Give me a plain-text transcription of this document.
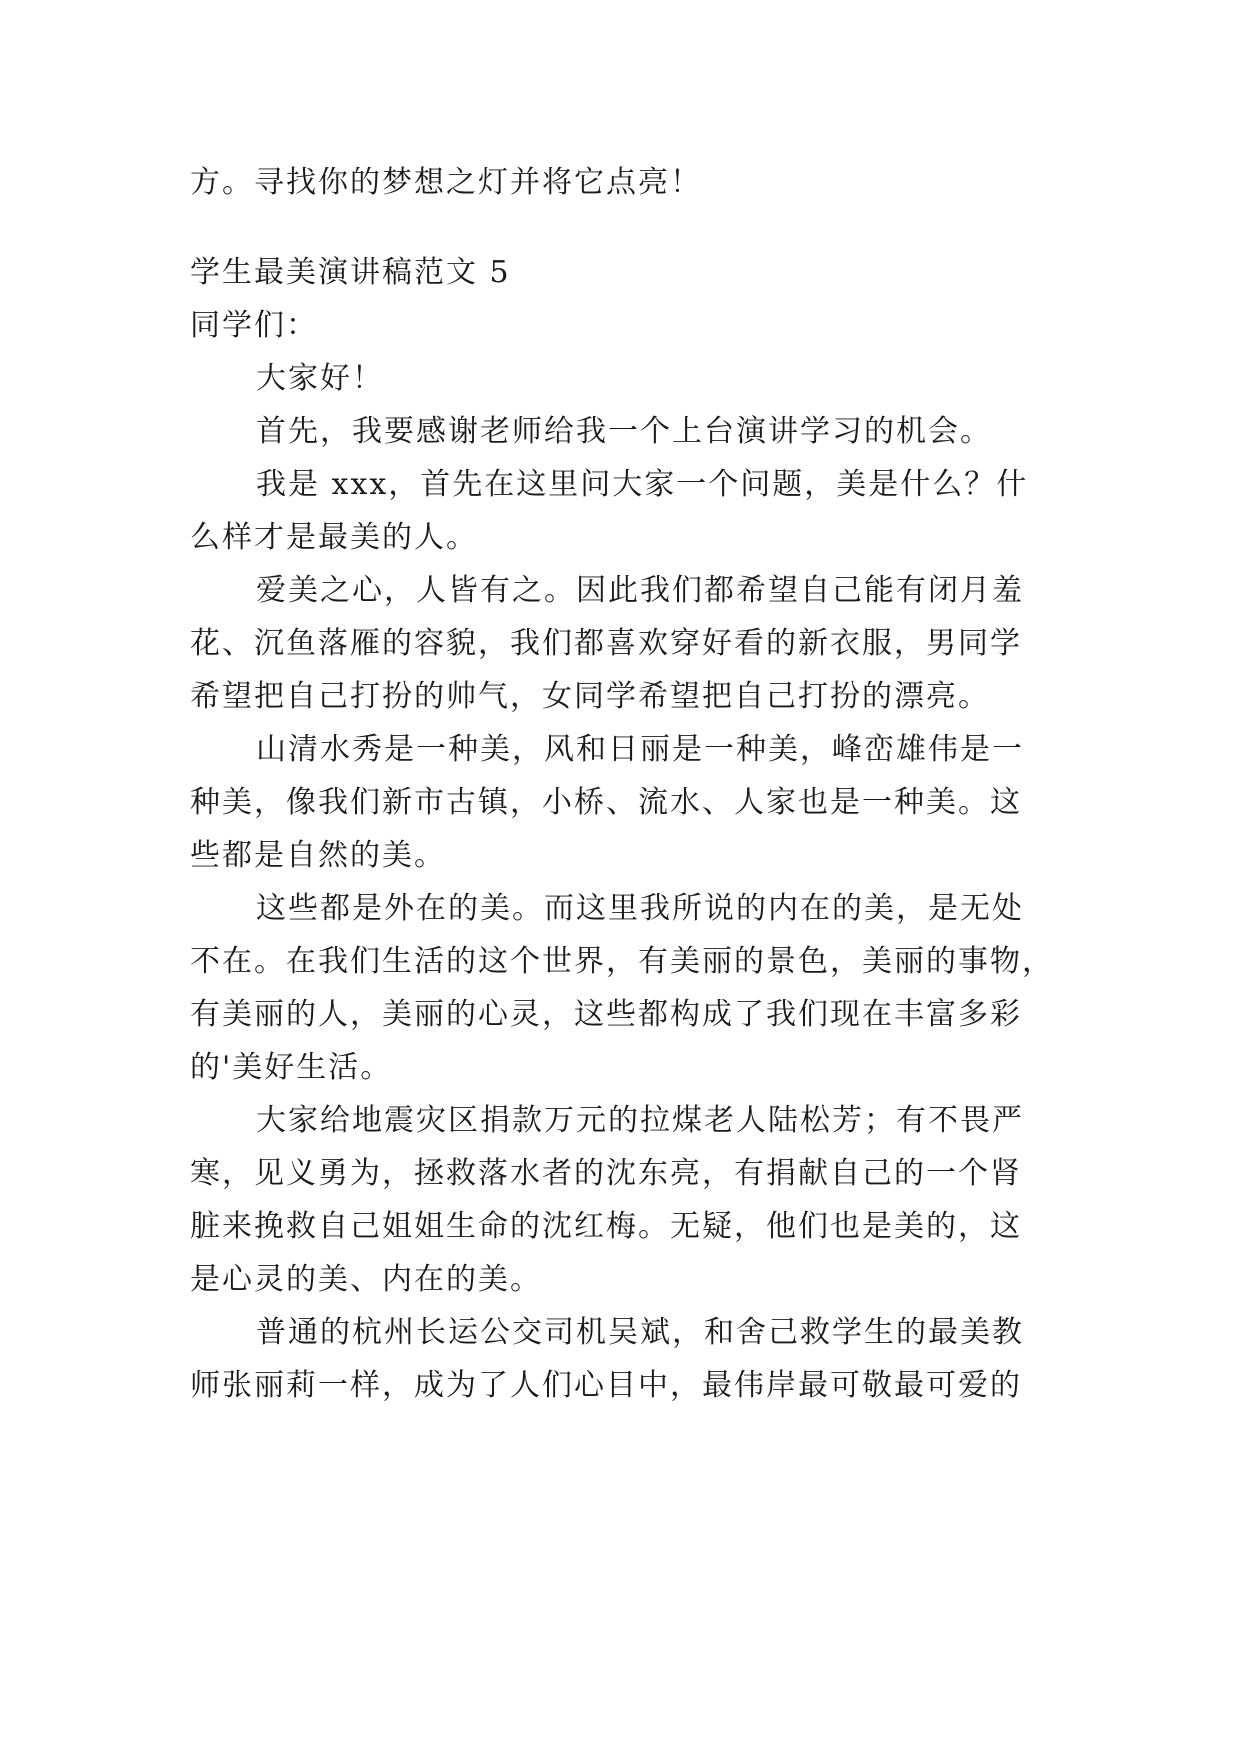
方。寻找你的梦想之灯并将它点亮！
学生最美演讲稿范文 5
同学们：
大家好！
首先，我要感谢老师给我一个上台演讲学习的机会。
我是 xxx，首先在这里问大家一个问题，美是什么？什
么样才是最美的人。
爱美之心，人皆有之。因此我们都希望自己能有闭月羞
花、沉鱼落雁的容貌，我们都喜欢穿好看的新衣服，男同学
希望把自己打扮的帅气，女同学希望把自己打扮的漂亮。
山清水秀是一种美，风和日丽是一种美，峰峦雄伟是一
种美，像我们新市古镇，小桥、流水、人家也是一种美。这
些都是自然的美。
这些都是外在的美。而这里我所说的内在的美，是无处
不在。在我们生活的这个世界，有美丽的景色，美丽的事物，
有美丽的人，美丽的心灵，这些都构成了我们现在丰富多彩
的'美好生活。
大家给地震灾区捐款万元的拉煤老人陆松芳；有不畏严
寒，见义勇为，拯救落水者的沈东亮，有捐献自己的一个肾
脏来挽救自己姐姐生命的沈红梅。无疑，他们也是美的，这
是心灵的美、内在的美。
普通的杭州长运公交司机吴斌，和舍己救学生的最美教
师张丽莉一样，成为了人们心目中，最伟岸最可敬最可爱的
